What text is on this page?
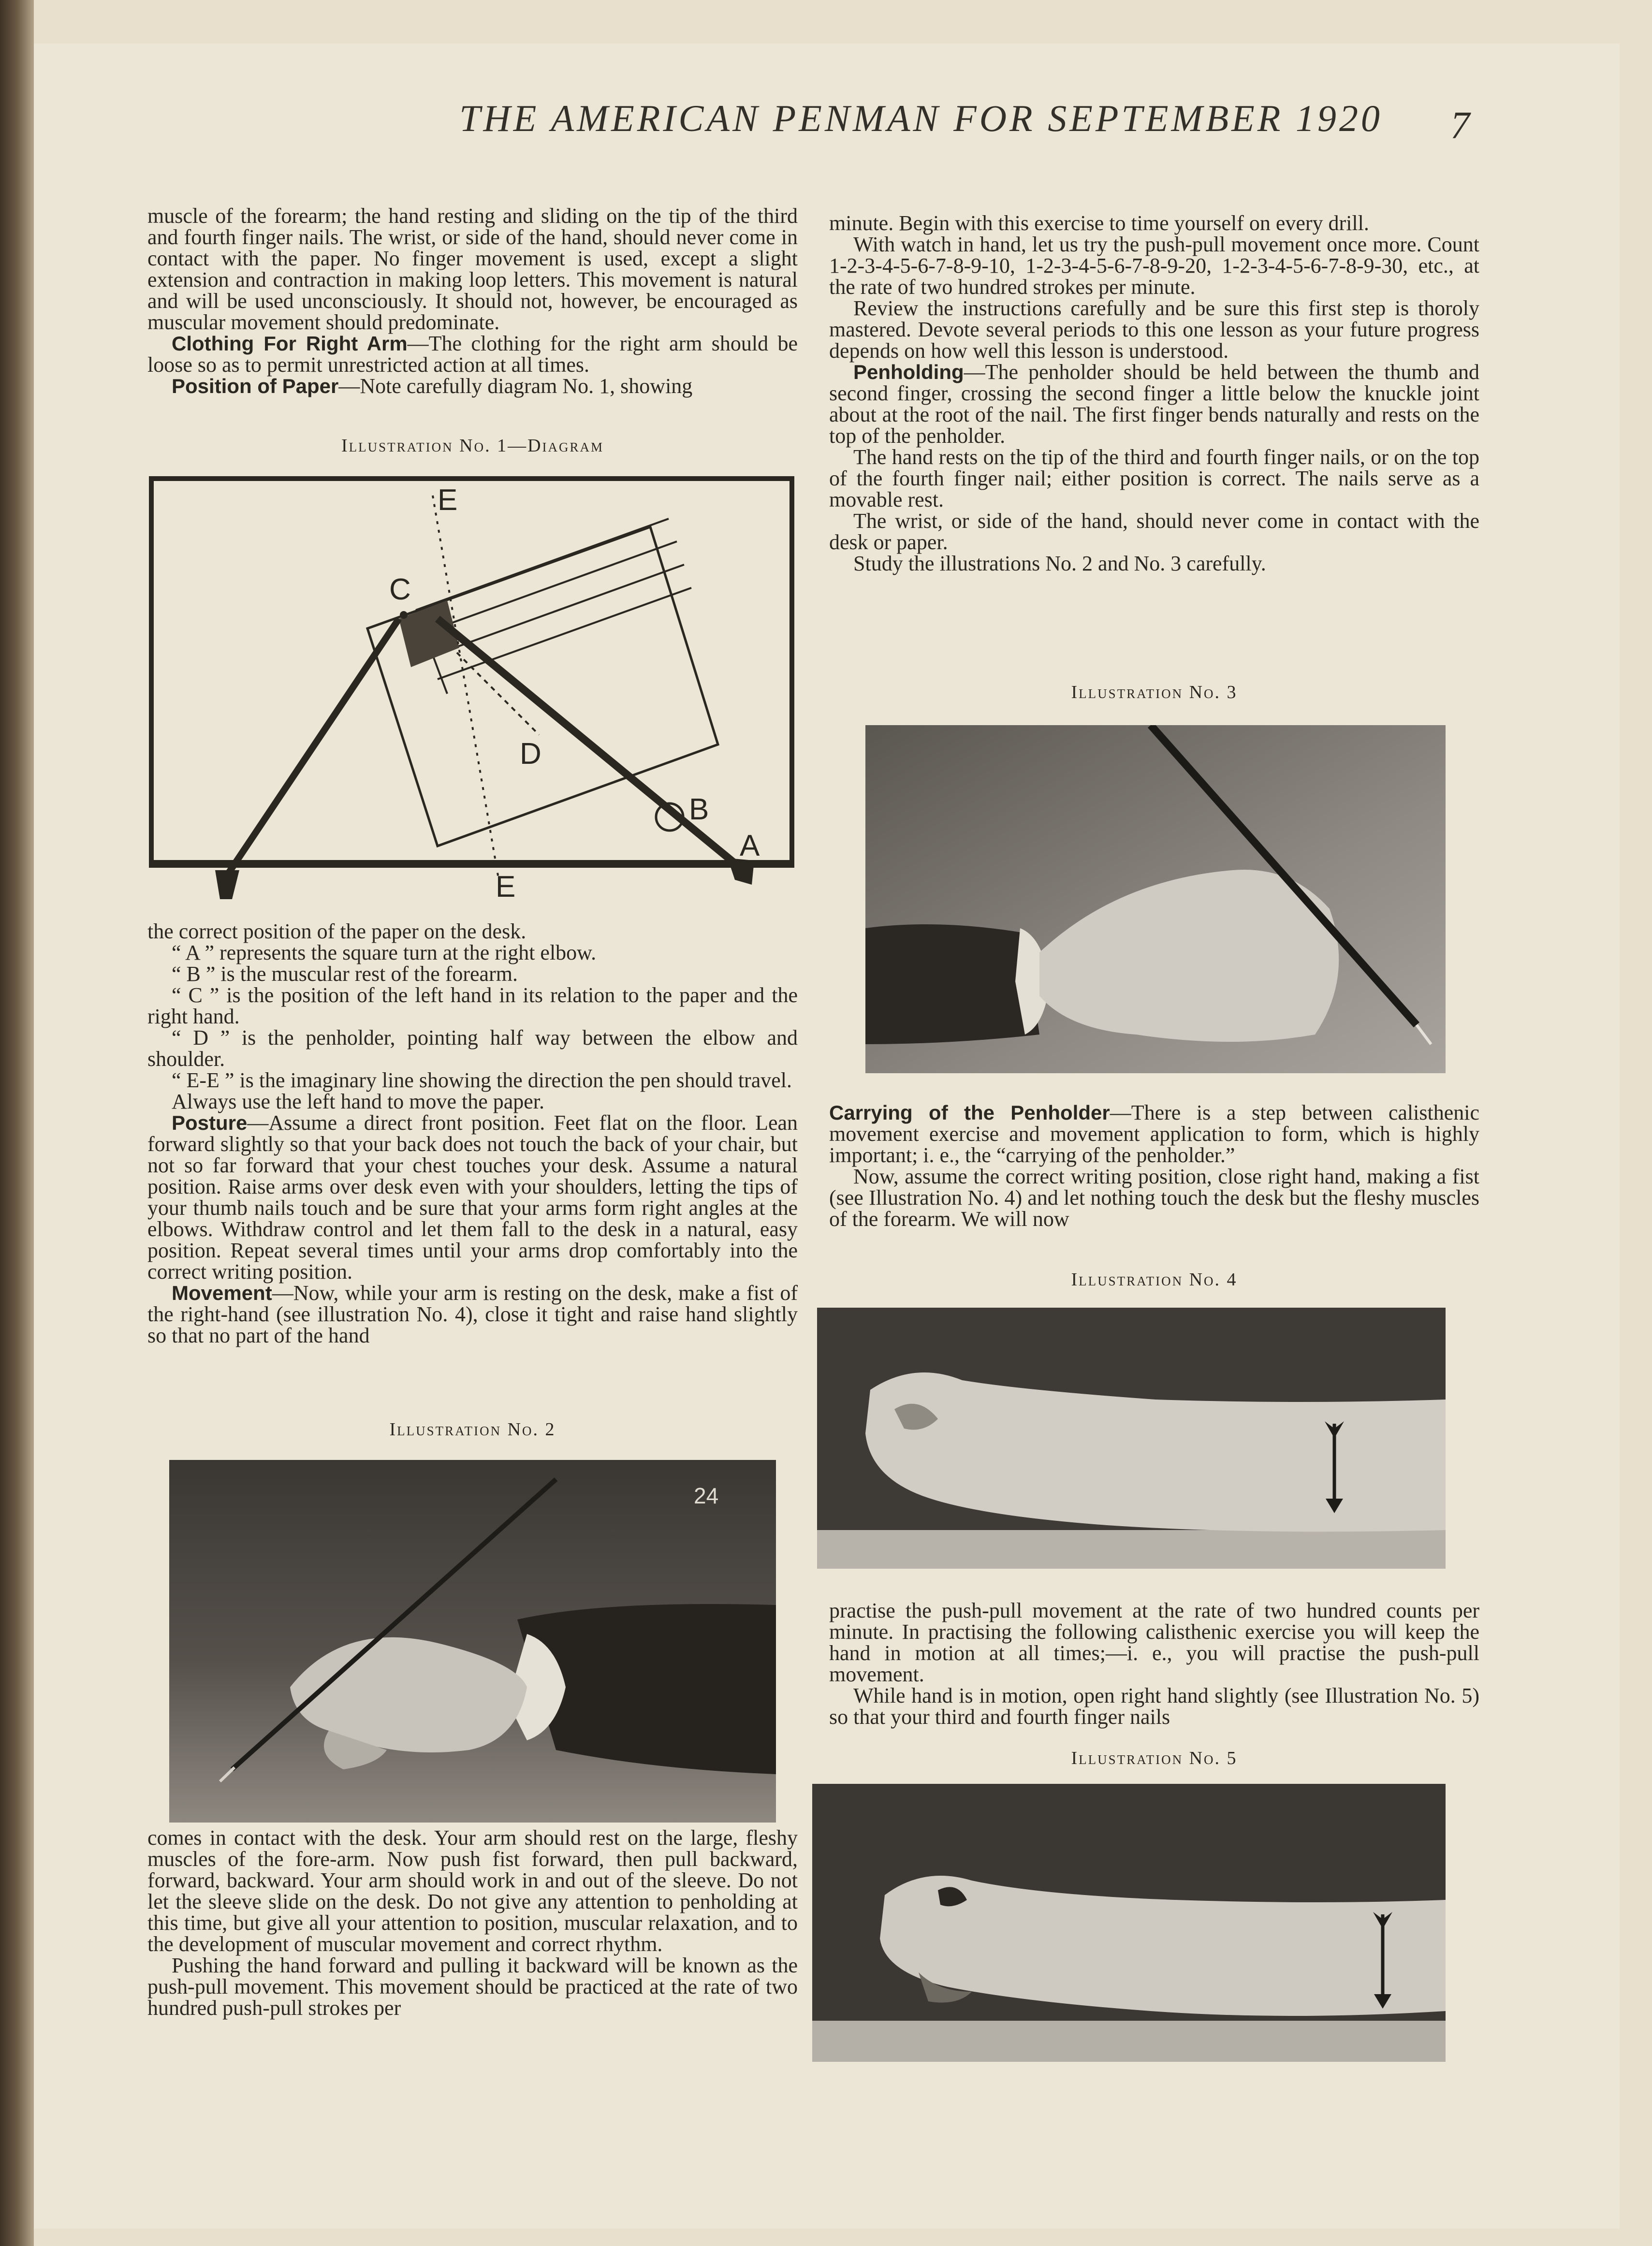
THE AMERICAN PENMAN FOR SEPTEMBER 1920	7

muscle of the forearm; the hand resting and sliding on the tip of the third and fourth finger nails. The wrist, or side of the hand, should never come in contact with the paper. No finger movement is used, except a slight extension and contraction in making loop letters. This movement is natural and will be used unconsciously. It should not, however, be encouraged as muscular movement should predominate.

Clothing For Right Arm—The clothing for the right arm should be loose so as to permit unrestricted action at all times.

Position of Paper—Note carefully diagram No. 1, showing

Illustration No. 1—Diagram
E
C
D
B
A
E

the correct position of the paper on the desk.

“ A ” represents the square turn at the right elbow.

“ B ” is the muscular rest of the forearm.

“ C ” is the position of the left hand in its relation to the paper and the right hand.

“ D ” is the penholder, pointing half way between the elbow and shoulder.

“ E-E ” is the imaginary line showing the direction the pen should travel.

Always use the left hand to move the paper.

Posture—Assume a direct front position. Feet flat on the floor. Lean forward slightly so that your back does not touch the back of your chair, but not so far forward that your chest touches your desk. Assume a natural position. Raise arms over desk even with your shoulders, letting the tips of your thumb nails touch and be sure that your arms form right angles at the elbows. Withdraw control and let them fall to the desk in a natural, easy position. Repeat several times until your arms drop comfortably into the correct writing position.

Movement—Now, while your arm is resting on the desk, make a fist of the right-hand (see illustration No. 4), close it tight and raise hand slightly so that no part of the hand

Illustration No. 2
24

comes in contact with the desk. Your arm should rest on the large, fleshy muscles of the fore-arm. Now push fist forward, then pull backward, forward, backward. Your arm should work in and out of the sleeve. Do not let the sleeve slide on the desk. Do not give any attention to penholding at this time, but give all your attention to position, muscular relaxation, and to the development of muscular movement and correct rhythm.

Pushing the hand forward and pulling it backward will be known as the push-pull movement. This movement should be practiced at the rate of two hundred push-pull strokes per

minute. Begin with this exercise to time yourself on every drill.

With watch in hand, let us try the push-pull movement once more. Count 1-2-3-4-5-6-7-8-9-10, 1-2-3-4-5-6-7-8-9-20, 1-2-3-4-5-6-7-8-9-30, etc., at the rate of two hundred strokes per minute.

Review the instructions carefully and be sure this first step is thoroly mastered. Devote several periods to this one lesson as your future progress depends on how well this lesson is understood.

Penholding—The penholder should be held between the thumb and second finger, crossing the second finger a little below the knuckle joint about at the root of the nail. The first finger bends naturally and rests on the top of the penholder.

The hand rests on the tip of the third and fourth finger nails, or on the top of the fourth finger nail; either position is correct. The nails serve as a movable rest.

The wrist, or side of the hand, should never come in contact with the desk or paper.

Study the illustrations No. 2 and No. 3 carefully.

Illustration No. 3

Carrying of the Penholder—There is a step between calisthenic movement exercise and movement application to form, which is highly important; i. e., the “carrying of the penholder.”

Now, assume the correct writing position, close right hand, making a fist (see Illustration No. 4) and let nothing touch the desk but the fleshy muscles of the forearm. We will now

Illustration No. 4

practise the push-pull movement at the rate of two hundred counts per minute. In practising the following calisthenic exercise you will keep the hand in motion at all times;—i. e., you will practise the push-pull movement.

While hand is in motion, open right hand slightly (see Illustration No. 5) so that your third and fourth finger nails

Illustration No. 5
